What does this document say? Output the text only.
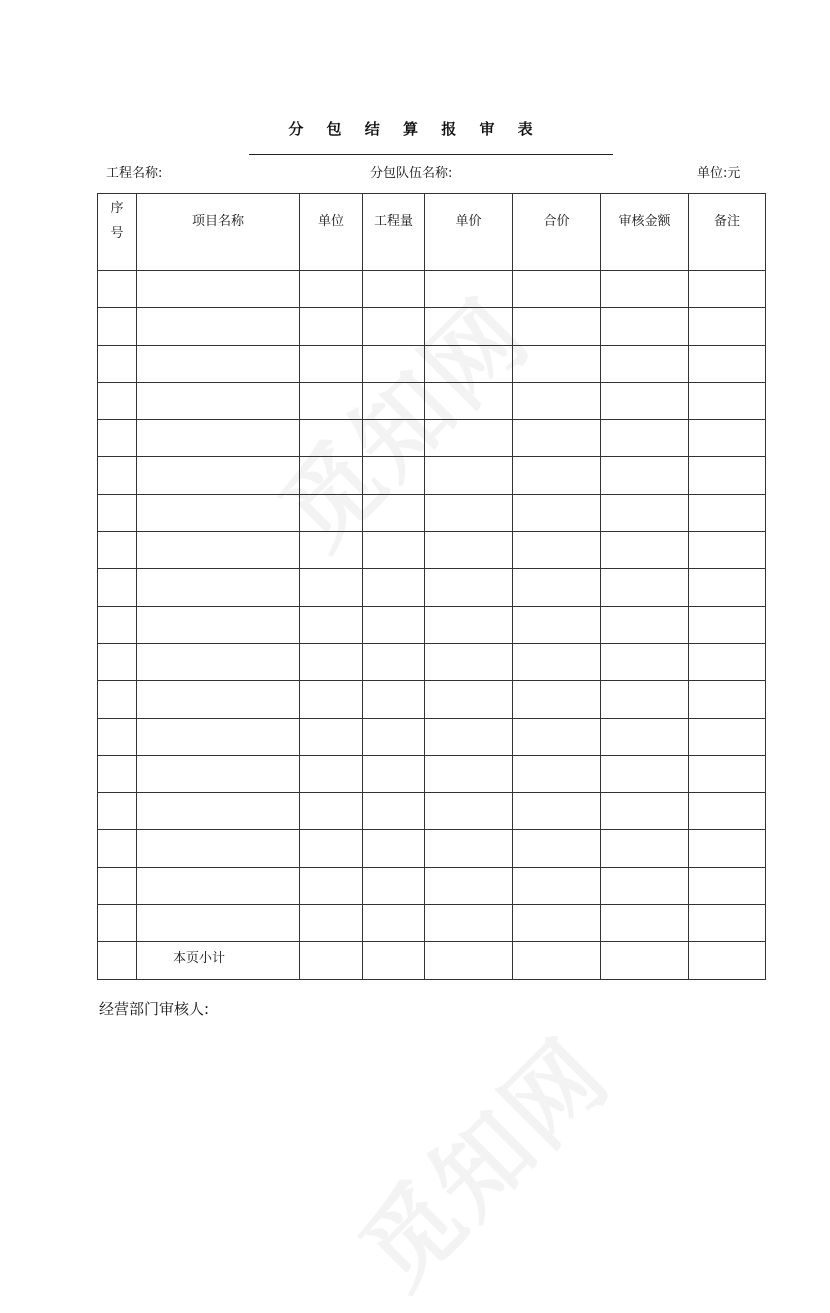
分 包 结 算 报 审 表
工程名称:	分包队伍名称:	单位:元
序
号	项目名称	单位	工程量	单价	合价	审核金额	备注

	本页小计						

经营部门审核人:
